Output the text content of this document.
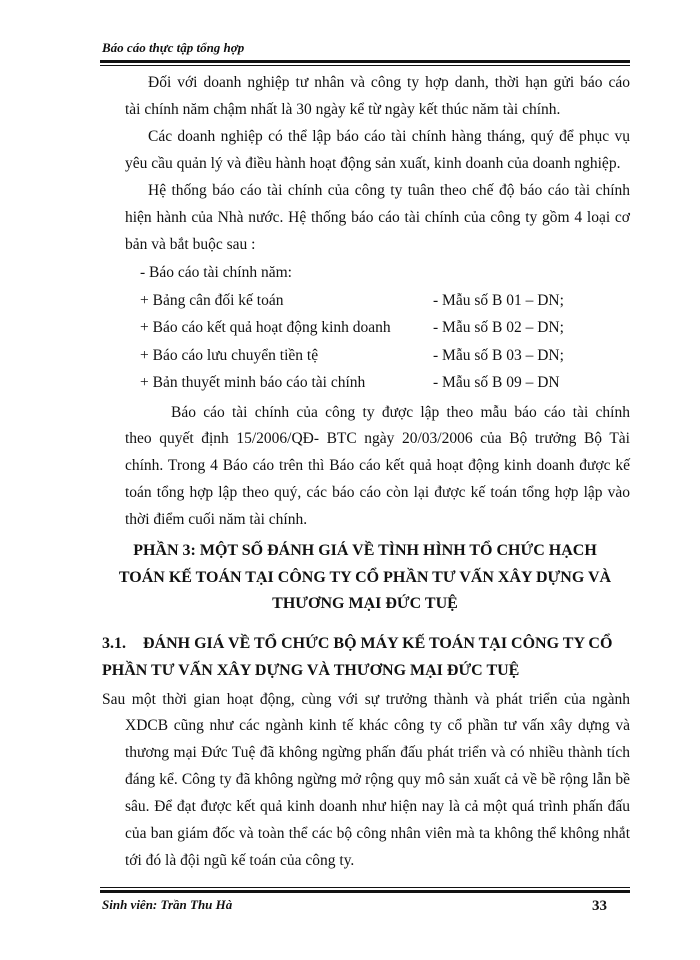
Báo cáo thực tập tổng hợp
Đối với doanh nghiệp tư nhân và công ty hợp danh, thời hạn gửi báo cáo
tài chính năm chậm nhất là 30 ngày kể từ ngày kết thúc năm tài chính.
Các doanh nghiệp có thể lập báo cáo tài chính hàng tháng, quý để phục vụ
yêu cầu quản lý và điều hành hoạt động sản xuất, kinh doanh của doanh nghiệp.
Hệ thống báo cáo tài chính của công ty tuân theo chế độ báo cáo tài chính
hiện hành của Nhà nước. Hệ thống báo cáo tài chính của công ty gồm 4 loại cơ
bản và bắt buộc sau :
- Báo cáo tài chính năm:
+ Bảng cân đối kế toán	- Mẫu số B 01 – DN;
+ Báo cáo kết quả hoạt động kinh doanh	- Mẫu số B 02 – DN;
+ Báo cáo lưu chuyển tiền tệ	- Mẫu số B 03 – DN;
+ Bản thuyết minh báo cáo tài chính	- Mẫu số B 09 – DN
Báo cáo tài chính của công ty được lập theo mẫu báo cáo tài chính
theo quyết định 15/2006/QĐ- BTC ngày 20/03/2006 của Bộ trưởng Bộ Tài
chính. Trong 4 Báo cáo trên thì Báo cáo kết quả hoạt động kinh doanh được kế
toán tổng hợp lập theo quý, các báo cáo còn lại được kế toán tổng hợp lập vào
thời điểm cuối năm tài chính.
PHẦN 3: MỘT SỐ ĐÁNH GIÁ VỀ TÌNH HÌNH TỔ CHỨC HẠCH
TOÁN KẾ TOÁN TẠI CÔNG TY CỔ PHẦN TƯ VẤN XÂY DỰNG VÀ
THƯƠNG MẠI ĐỨC TUỆ
3.1. ĐÁNH GIÁ VỀ TỔ CHỨC BỘ MÁY KẾ TOÁN TẠI CÔNG TY CỔ
PHẦN TƯ VẤN XÂY DỰNG VÀ THƯƠNG MẠI ĐỨC TUỆ
Sau một thời gian hoạt động, cùng với sự trưởng thành và phát triển của ngành
XDCB cũng như các ngành kinh tế khác công ty cổ phần tư vấn xây dựng và
thương mại Đức Tuệ đã không ngừng phấn đấu phát triển và có nhiều thành tích
đáng kể. Công ty đã không ngừng mở rộng quy mô sản xuất cả về bề rộng lẫn bề
sâu. Để đạt được kết quả kinh doanh như hiện nay là cả một quá trình phấn đấu
của ban giám đốc và toàn thể các bộ công nhân viên mà ta không thể không nhắt
tới đó là đội ngũ kế toán của công ty.
Sinh viên: Trần Thu Hà	33
